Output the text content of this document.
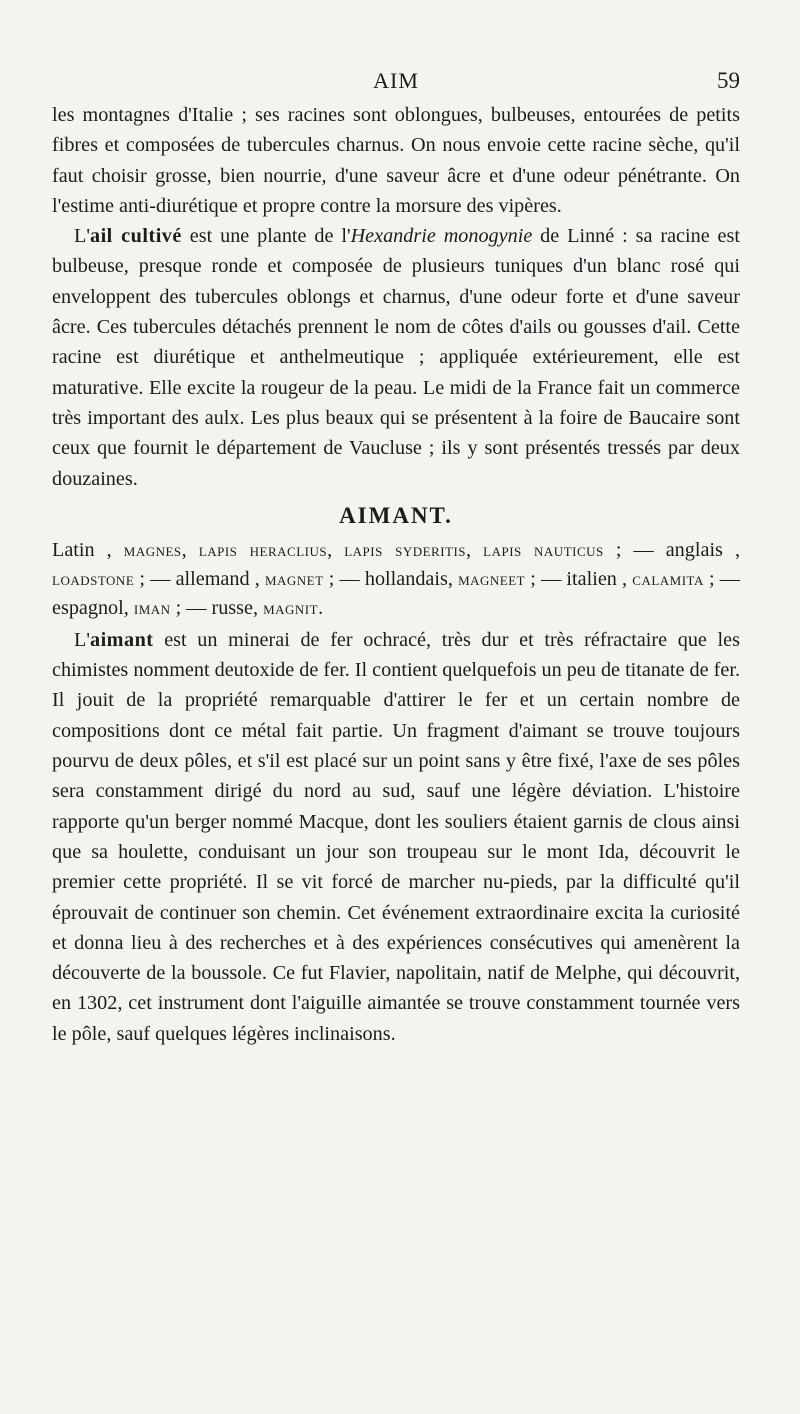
AIM	59

les montagnes d'Italie ; ses racines sont oblongues, bulbeuses, entourées de petits fibres et composées de tubercules charnus. On nous envoie cette racine sèche, qu'il faut choisir grosse, bien nourrie, d'une saveur âcre et d'une odeur pénétrante. On l'estime anti-diurétique et propre contre la morsure des vipères.

L'ail cultivé est une plante de l'Hexandrie monogynie de Linné : sa racine est bulbeuse, presque ronde et composée de plusieurs tuniques d'un blanc rosé qui enveloppent des tubercules oblongs et charnus, d'une odeur forte et d'une saveur âcre. Ces tubercules détachés prennent le nom de côtes d'ails ou gousses d'ail. Cette racine est diurétique et anthelmeutique ; appliquée extérieurement, elle est maturative. Elle excite la rougeur de la peau. Le midi de la France fait un commerce très important des aulx. Les plus beaux qui se présentent à la foire de Baucaire sont ceux que fournit le département de Vaucluse ; ils y sont présentés tressés par deux douzaines.

AIMANT.

Latin , magnes, lapis heraclius, lapis syderitis, lapis nauticus ; — anglais , loadstone ; — allemand , magnet ; — hollandais, magneet ; — italien , calamita ; — espagnol, iman ; — russe, magnit.

L'aimant est un minerai de fer ochracé, très dur et très réfractaire que les chimistes nomment deutoxide de fer. Il contient quelquefois un peu de titanate de fer. Il jouit de la propriété remarquable d'attirer le fer et un certain nombre de compositions dont ce métal fait partie. Un fragment d'aimant se trouve toujours pourvu de deux pôles, et s'il est placé sur un point sans y être fixé, l'axe de ses pôles sera constamment dirigé du nord au sud, sauf une légère déviation. L'histoire rapporte qu'un berger nommé Macque, dont les souliers étaient garnis de clous ainsi que sa houlette, conduisant un jour son troupeau sur le mont Ida, découvrit le premier cette propriété. Il se vit forcé de marcher nu-pieds, par la difficulté qu'il éprouvait de continuer son chemin. Cet événement extraordinaire excita la curiosité et donna lieu à des recherches et à des expériences consécutives qui amenèrent la découverte de la boussole. Ce fut Flavier, napolitain, natif de Melphe, qui découvrit, en 1302, cet instrument dont l'aiguille aimantée se trouve constamment tournée vers le pôle, sauf quelques légères inclinaisons.
